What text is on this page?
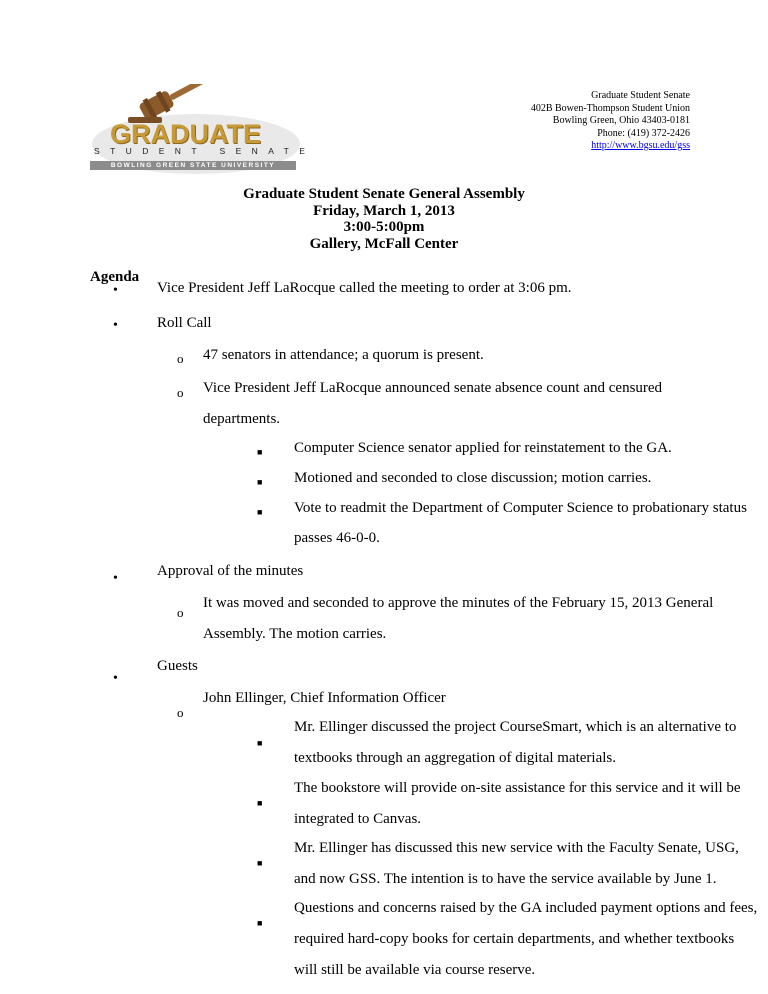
GRADUATE
STUDENT SENATE
BOWLING GREEN STATE UNIVERSITY
Graduate Student Senate
402B Bowen-Thompson Student Union
Bowling Green, Ohio 43403-0181
Phone: (419) 372-2426
http://www.bgsu.edu/gss
Graduate Student Senate General Assembly
Friday, March 1, 2013
3:00-5:00pm
Gallery, McFall Center
Agenda
•	Vice President Jeff LaRocque called the meeting to order at 3:06 pm.
•	Roll Call
o 47 senators in attendance; a quorum is present.
o Vice President Jeff LaRocque announced senate absence count and censured
departments.
■ Computer Science senator applied for reinstatement to the GA.
■ Motioned and seconded to close discussion; motion carries.
■ Vote to readmit the Department of Computer Science to probationary status
passes 46-0-0.
•	Approval of the minutes
o
It was moved and seconded to approve the minutes of the February 15, 2013 General
Assembly. The motion carries.
•
Guests
o
John Ellinger, Chief Information Officer
■
Mr. Ellinger discussed the project CourseSmart, which is an alternative to
textbooks through an aggregation of digital materials.
■
The bookstore will provide on-site assistance for this service and it will be
integrated to Canvas.
■
Mr. Ellinger has discussed this new service with the Faculty Senate, USG,
and now GSS. The intention is to have the service available by June 1.
■
Questions and concerns raised by the GA included payment options and fees,
required hard-copy books for certain departments, and whether textbooks
will still be available via course reserve.
